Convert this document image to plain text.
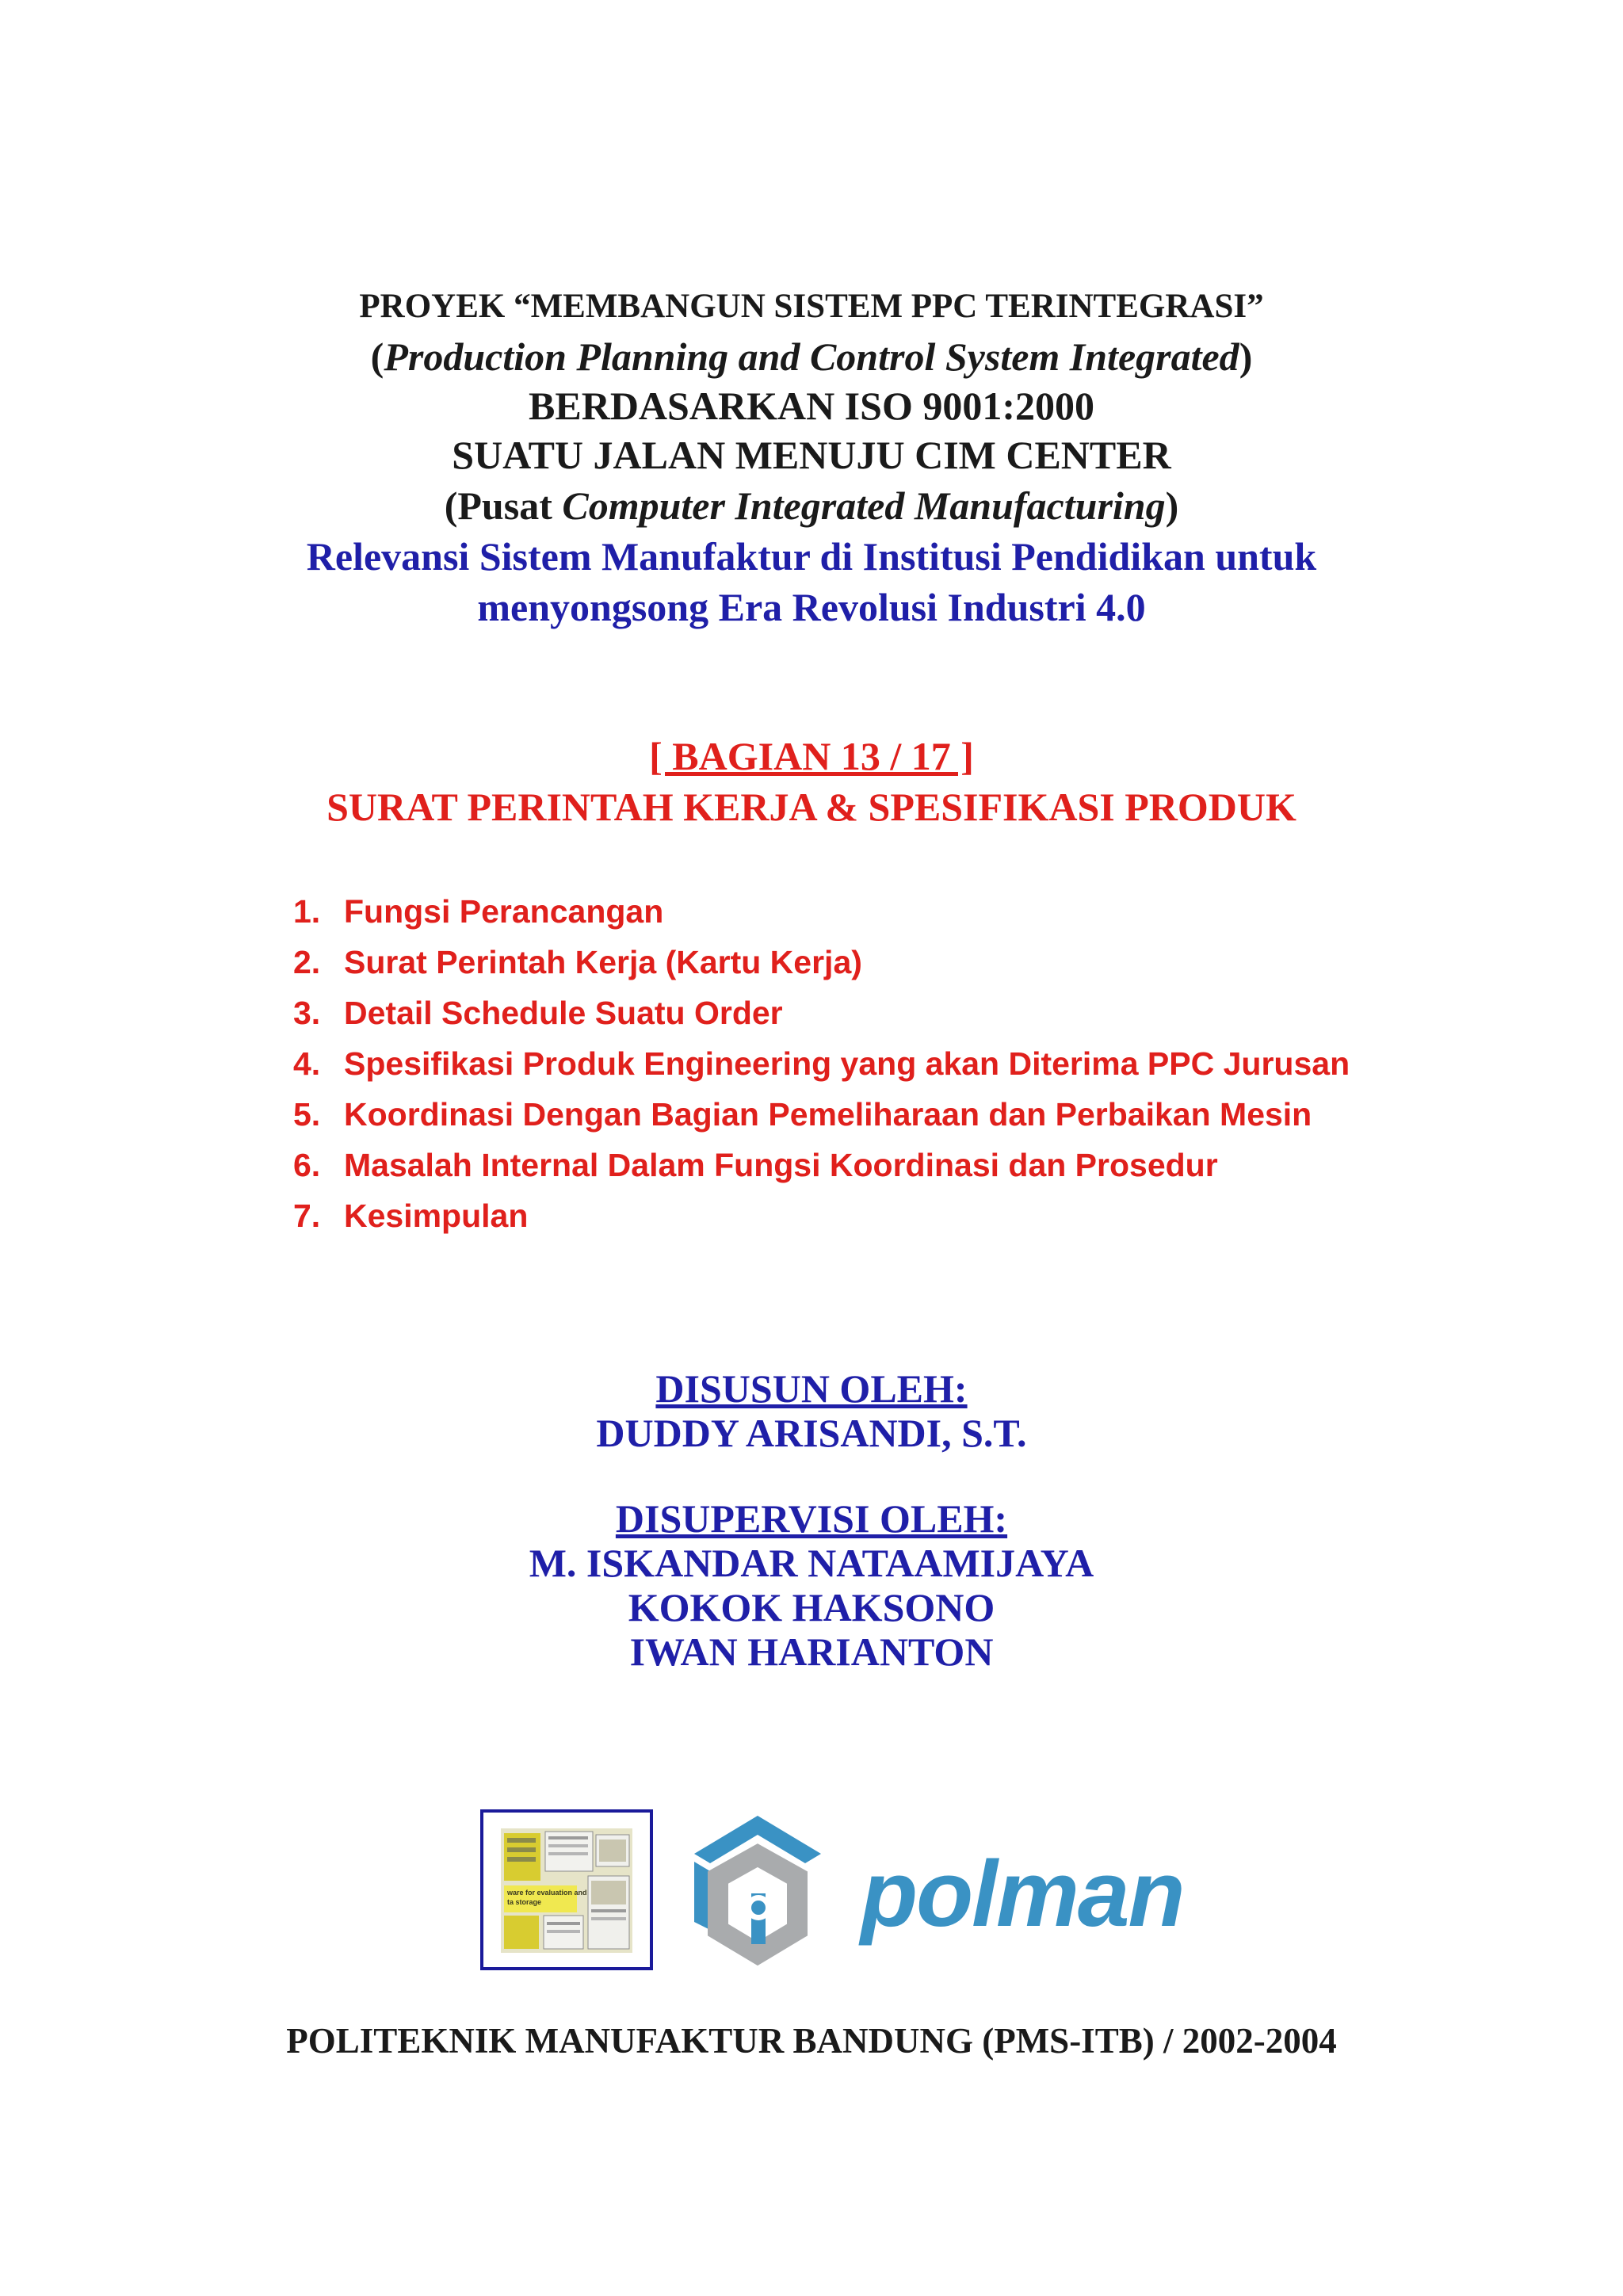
PROYEK “MEMBANGUN SISTEM PPC TERINTEGRASI”
(Production Planning and Control System Integrated)
BERDASARKAN ISO 9001:2000
SUATU JALAN MENUJU CIM CENTER
(Pusat Computer Integrated Manufacturing)
Relevansi Sistem Manufaktur di Institusi Pendidikan untuk
menyongsong Era Revolusi Industri 4.0
[ BAGIAN 13 / 17 ]
SURAT PERINTAH KERJA & SPESIFIKASI PRODUK
1. Fungsi Perancangan
2. Surat Perintah Kerja (Kartu Kerja)
3. Detail Schedule Suatu Order
4. Spesifikasi Produk Engineering yang akan Diterima PPC Jurusan
5. Koordinasi Dengan Bagian Pemeliharaan dan Perbaikan Mesin
6. Masalah Internal Dalam Fungsi Koordinasi dan Prosedur
7. Kesimpulan
DISUSUN OLEH:
DUDDY ARISANDI, S.T.
DISUPERVISI OLEH:
M. ISKANDAR NATAAMIJAYA
KOKOK HAKSONO
IWAN HARIANTON
ware for evaluation and
ta storage	polman
POLITEKNIK MANUFAKTUR BANDUNG (PMS-ITB) / 2002-2004
